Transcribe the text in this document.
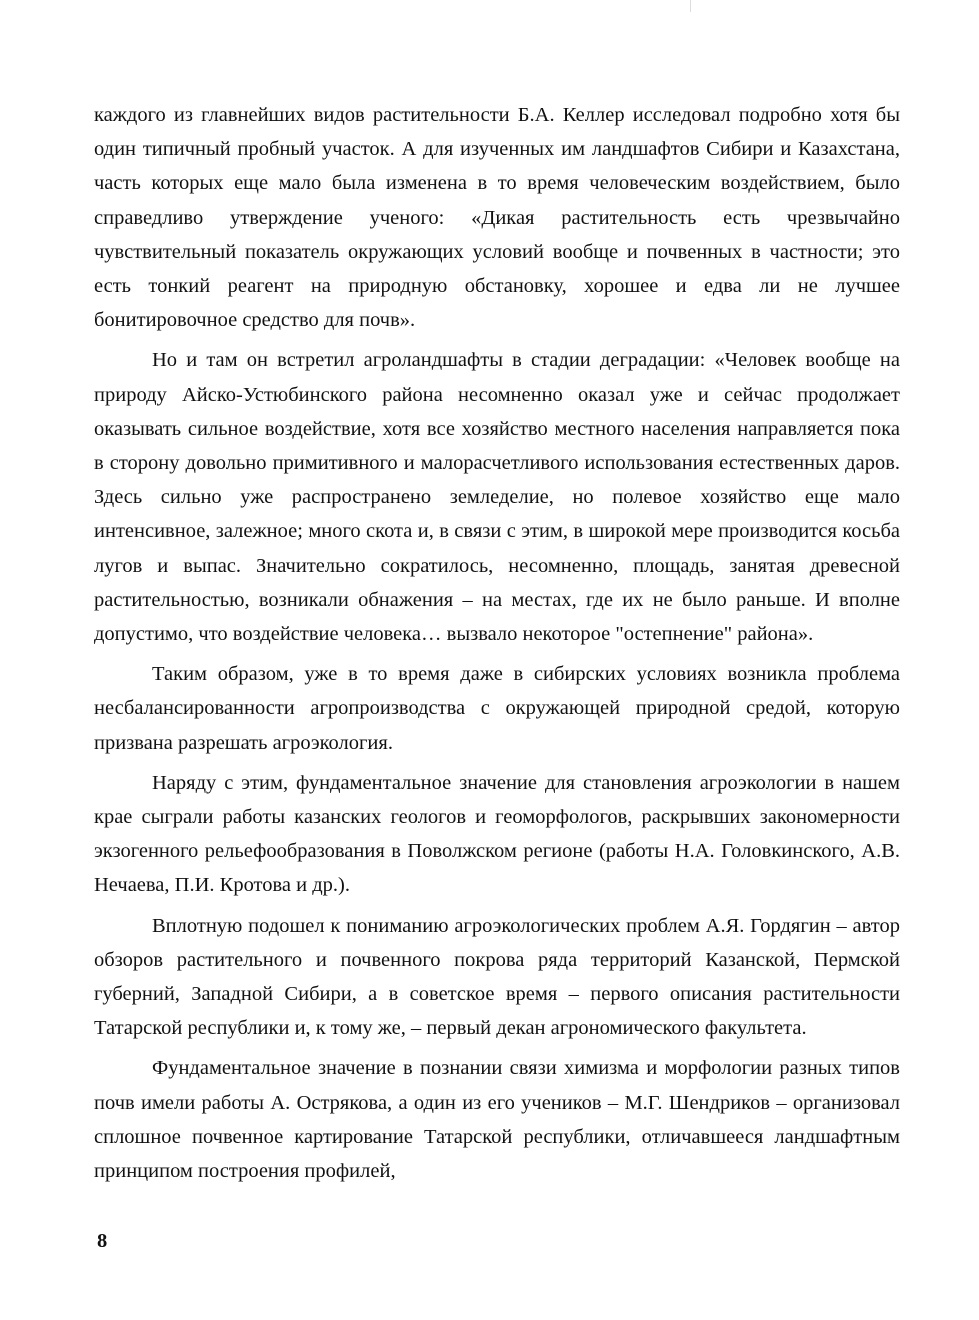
каждого из главнейших видов растительности Б.А. Келлер исследовал подробно хотя бы один типичный пробный участок. А для изученных им ландшафтов Сибири и Казахстана, часть которых еще мало была изменена в то время человеческим воздействием, было справедливо утверждение ученого: «Дикая растительность есть чрезвычайно чувствительный показатель окружающих условий вообще и почвенных в частности; это есть тонкий реагент на природную обстановку, хорошее и едва ли не лучшее бонитировочное средство для почв».

Но и там он встретил агроландшафты в стадии деградации: «Человек вообще на природу Айско-Устюбинского района несомненно оказал уже и сейчас продолжает оказывать сильное воздействие, хотя все хозяйство местного населения направляется пока в сторону довольно примитивного и малорасчетливого использования естественных даров. Здесь сильно уже распространено земледелие, но полевое хозяйство еще мало интенсивное, залежное; много скота и, в связи с этим, в широкой мере производится косьба лугов и выпас. Значительно сократилось, несомненно, площадь, занятая древесной растительностью, возникали обнажения – на местах, где их не было раньше. И вполне допустимо, что воздействие человека… вызвало некоторое "остепнение" района».

Таким образом, уже в то время даже в сибирских условиях возникла проблема несбалансированности агропроизводства с окружающей природной средой, которую призвана разрешать агроэкология.

Наряду с этим, фундаментальное значение для становления агроэкологии в нашем крае сыграли работы казанских геологов и геоморфологов, раскрывших закономерности экзогенного рельефообразования в Поволжском регионе (работы Н.А. Головкинского, А.В. Нечаева, П.И. Кротова и др.).

Вплотную подошел к пониманию агроэкологических проблем А.Я. Гордягин – автор обзоров растительного и почвенного покрова ряда территорий Казанской, Пермской губерний, Западной Сибири, а в советское время – первого описания растительности Татарской республики и, к тому же, – первый декан агрономического факультета.

Фундаментальное значение в познании связи химизма и морфологии разных типов почв имели работы А. Острякова, а один из его учеников – М.Г. Шендриков – организовал сплошное почвенное картирование Татарской республики, отличавшееся ландшафтным принципом построения профилей,

8
